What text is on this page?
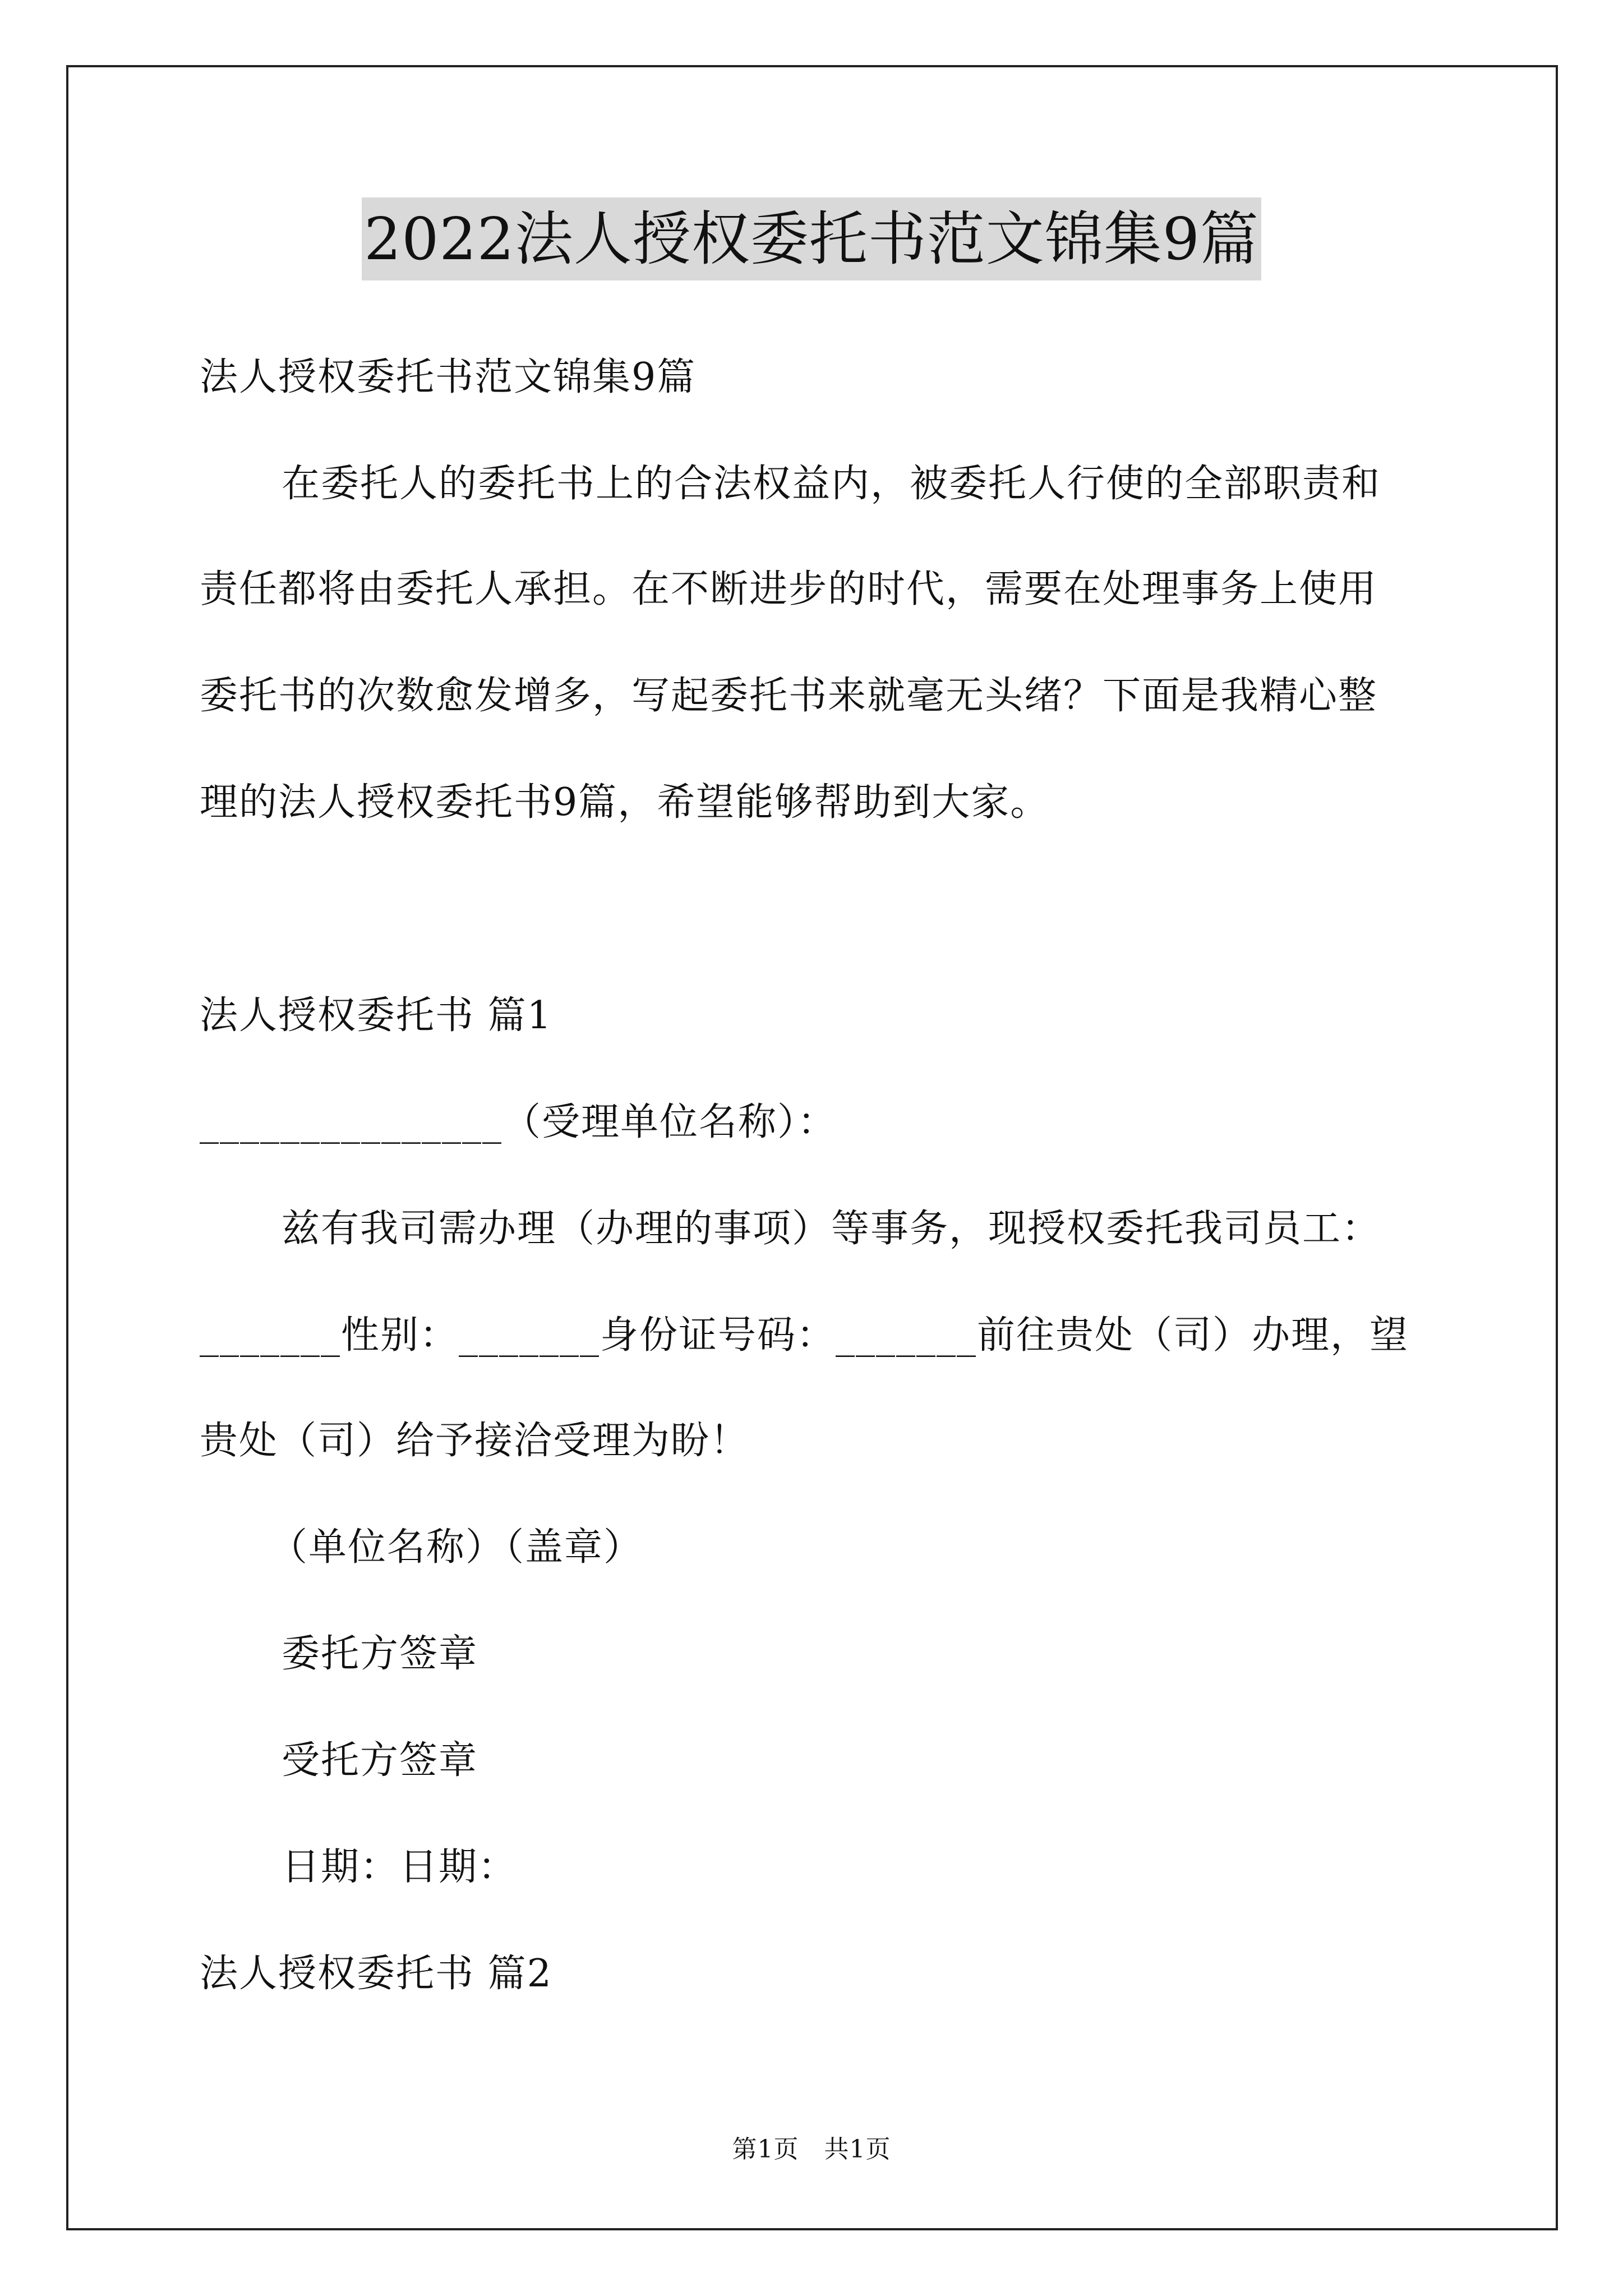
2022法人授权委托书范文锦集9篇
法人授权委托书范文锦集9篇
在委托人的委托书上的合法权益内，被委托人行使的全部职责和
责任都将由委托人承担。在不断进步的时代，需要在处理事务上使用
委托书的次数愈发增多，写起委托书来就毫无头绪？下面是我精心整
理的法人授权委托书9篇，希望能够帮助到大家。
法人授权委托书 篇1
_______________（受理单位名称）：
兹有我司需办理（办理的事项）等事务，现授权委托我司员工：
_______性别：_______身份证号码：_______前往贵处（司）办理，望
贵处（司）给予接洽受理为盼！
（单位名称）（盖章）
委托方签章
受托方签章
日期：日期：
法人授权委托书 篇2
第1页　共1页
